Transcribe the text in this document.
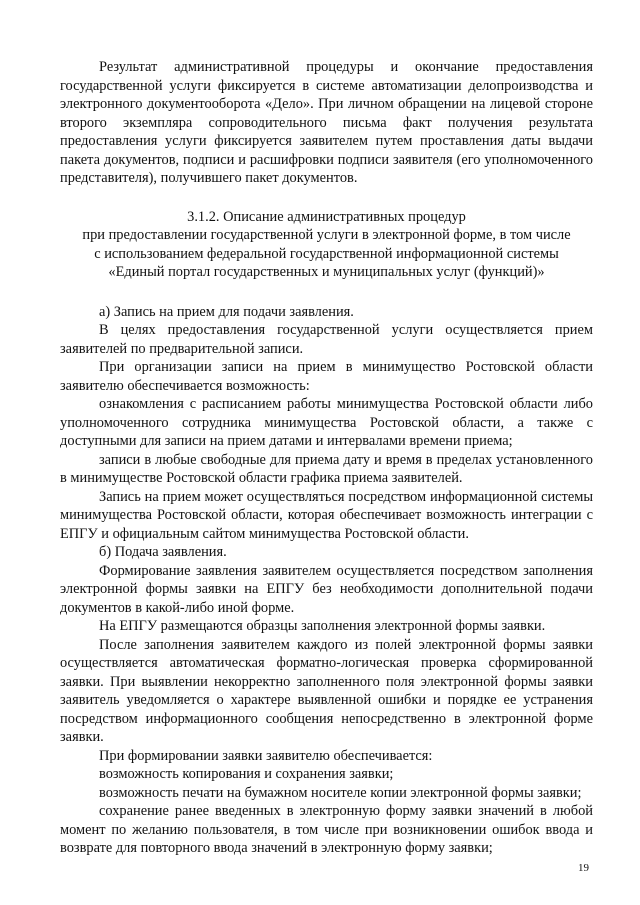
Результат административной процедуры и окончание предоставления государственной услуги фиксируется в системе автоматизации делопроизводства и электронного документооборота «Дело». При личном обращении на лицевой стороне второго экземпляра сопроводительного письма факт получения результата предоставления услуги фиксируется заявителем путем проставления даты выдачи пакета документов, подписи и расшифровки подписи заявителя (его уполномоченного представителя), получившего пакет документов.

3.1.2. Описание административных процедур
при предоставлении государственной услуги в электронной форме, в том числе
с использованием федеральной государственной информационной системы
«Единый портал государственных и муниципальных услуг (функций)»

а) Запись на прием для подачи заявления.

В целях предоставления государственной услуги осуществляется прием заявителей по предварительной записи.

При организации записи на прием в минимущество Ростовской области заявителю обеспечивается возможность:

ознакомления с расписанием работы минимущества Ростовской области либо уполномоченного сотрудника минимущества Ростовской области, а также с доступными для записи на прием датами и интервалами времени приема;

записи в любые свободные для приема дату и время в пределах установленного в минимуществе Ростовской области графика приема заявителей.

Запись на прием может осуществляться посредством информационной системы минимущества Ростовской области, которая обеспечивает возможность интеграции с ЕПГУ и официальным сайтом минимущества Ростовской области.

б) Подача заявления.

Формирование заявления заявителем осуществляется посредством заполнения электронной формы заявки на ЕПГУ без необходимости дополнительной подачи документов в какой-либо иной форме.

На ЕПГУ размещаются образцы заполнения электронной формы заявки.

После заполнения заявителем каждого из полей электронной формы заявки осуществляется автоматическая форматно-логическая проверка сформированной заявки. При выявлении некорректно заполненного поля электронной формы заявки заявитель уведомляется о характере выявленной ошибки и порядке ее устранения посредством информационного сообщения непосредственно в электронной форме заявки.

При формировании заявки заявителю обеспечивается:

возможность копирования и сохранения заявки;

возможность печати на бумажном носителе копии электронной формы заявки;

сохранение ранее введенных в электронную форму заявки значений в любой момент по желанию пользователя, в том числе при возникновении ошибок ввода и возврате для повторного ввода значений в электронную форму заявки;

19
